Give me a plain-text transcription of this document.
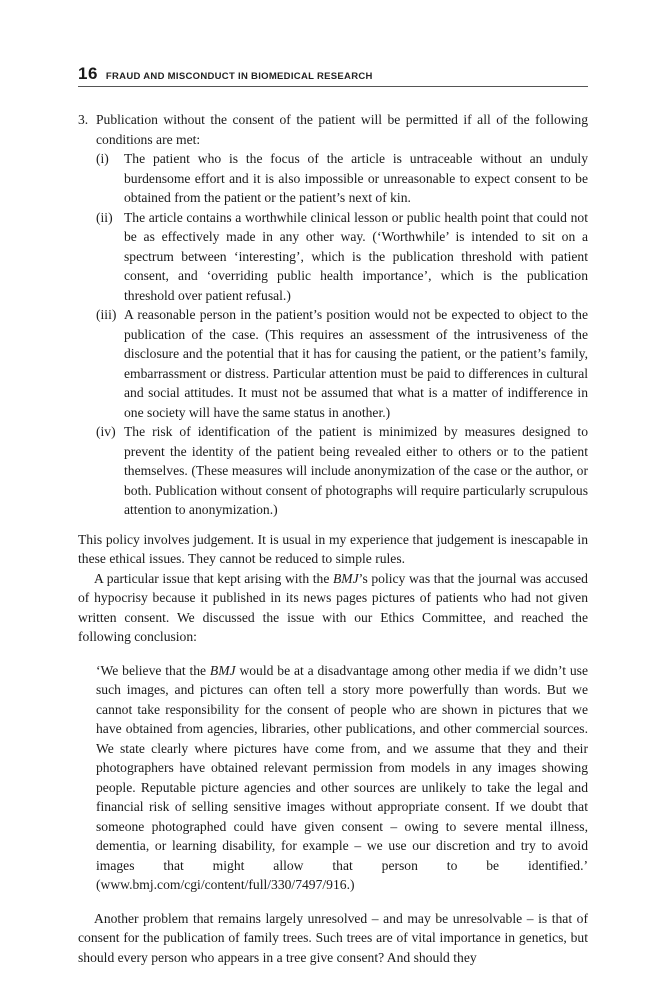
16 FRAUD AND MISCONDUCT IN BIOMEDICAL RESEARCH
3. Publication without the consent of the patient will be permitted if all of the following conditions are met:
(i) The patient who is the focus of the article is untraceable without an unduly burdensome effort and it is also impossible or unreasonable to expect consent to be obtained from the patient or the patient’s next of kin.
(ii) The article contains a worthwhile clinical lesson or public health point that could not be as effectively made in any other way. (‘Worthwhile’ is intended to sit on a spectrum between ‘interesting’, which is the publication threshold with patient consent, and ‘overriding public health importance’, which is the publication threshold over patient refusal.)
(iii) A reasonable person in the patient’s position would not be expected to object to the publication of the case. (This requires an assessment of the intrusiveness of the disclosure and the potential that it has for causing the patient, or the patient’s family, embarrassment or distress. Particular attention must be paid to differences in cultural and social attitudes. It must not be assumed that what is a matter of indifference in one society will have the same status in another.)
(iv) The risk of identification of the patient is minimized by measures designed to prevent the identity of the patient being revealed either to others or to the patient themselves. (These measures will include anonymization of the case or the author, or both. Publication without consent of photographs will require particularly scrupulous attention to anonymization.)

This policy involves judgement. It is usual in my experience that judgement is inescapable in these ethical issues. They cannot be reduced to simple rules.

A particular issue that kept arising with the BMJ’s policy was that the journal was accused of hypocrisy because it published in its news pages pictures of patients who had not given written consent. We discussed the issue with our Ethics Committee, and reached the following conclusion:

‘We believe that the BMJ would be at a disadvantage among other media if we didn’t use such images, and pictures can often tell a story more powerfully than words. But we cannot take responsibility for the consent of people who are shown in pictures that we have obtained from agencies, libraries, other publications, and other commercial sources. We state clearly where pictures have come from, and we assume that they and their photographers have obtained relevant permission from models in any images showing people. Reputable picture agencies and other sources are unlikely to take the legal and financial risk of selling sensitive images without appropriate consent. If we doubt that someone photographed could have given consent – owing to severe mental illness, dementia, or learning disability, for example – we use our discretion and try to avoid images that might allow that person to be identified.’ (www.bmj.com/cgi/content/full/330/7497/916.)

Another problem that remains largely unresolved – and may be unresolvable – is that of consent for the publication of family trees. Such trees are of vital importance in genetics, but should every person who appears in a tree give consent? And should they
